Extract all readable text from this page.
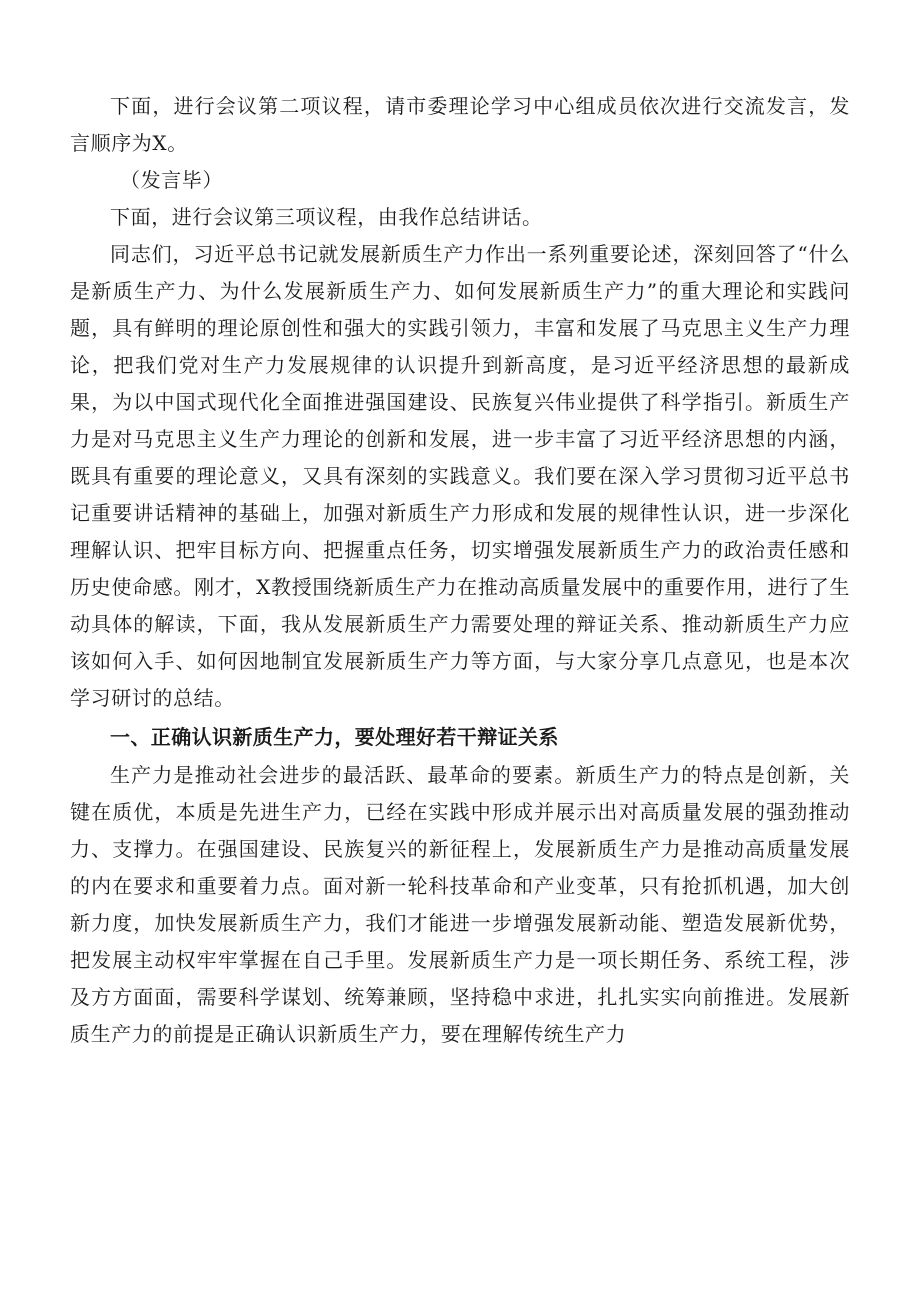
下面，进行会议第二项议程，请市委理论学习中心组成员依次进行交流发言，发言顺序为X。

（发言毕）

下面，进行会议第三项议程，由我作总结讲话。

同志们，习近平总书记就发展新质生产力作出一系列重要论述，深刻回答了“什么是新质生产力、为什么发展新质生产力、如何发展新质生产力”的重大理论和实践问题，具有鲜明的理论原创性和强大的实践引领力，丰富和发展了马克思主义生产力理论，把我们党对生产力发展规律的认识提升到新高度，是习近平经济思想的最新成果，为以中国式现代化全面推进强国建设、民族复兴伟业提供了科学指引。新质生产力是对马克思主义生产力理论的创新和发展，进一步丰富了习近平经济思想的内涵，既具有重要的理论意义，又具有深刻的实践意义。我们要在深入学习贯彻习近平总书记重要讲话精神的基础上，加强对新质生产力形成和发展的规律性认识，进一步深化理解认识、把牢目标方向、把握重点任务，切实增强发展新质生产力的政治责任感和历史使命感。刚才，X教授围绕新质生产力在推动高质量发展中的重要作用，进行了生动具体的解读，下面，我从发展新质生产力需要处理的辩证关系、推动新质生产力应该如何入手、如何因地制宜发展新质生产力等方面，与大家分享几点意见，也是本次学习研讨的总结。

一、正确认识新质生产力，要处理好若干辩证关系

生产力是推动社会进步的最活跃、最革命的要素。新质生产力的特点是创新，关键在质优，本质是先进生产力，已经在实践中形成并展示出对高质量发展的强劲推动力、支撑力。在强国建设、民族复兴的新征程上，发展新质生产力是推动高质量发展的内在要求和重要着力点。面对新一轮科技革命和产业变革，只有抢抓机遇，加大创新力度，加快发展新质生产力，我们才能进一步增强发展新动能、塑造发展新优势，把发展主动权牢牢掌握在自己手里。发展新质生产力是一项长期任务、系统工程，涉及方方面面，需要科学谋划、统筹兼顾，坚持稳中求进，扎扎实实向前推进。发展新质生产力的前提是正确认识新质生产力，要在理解传统生产力
